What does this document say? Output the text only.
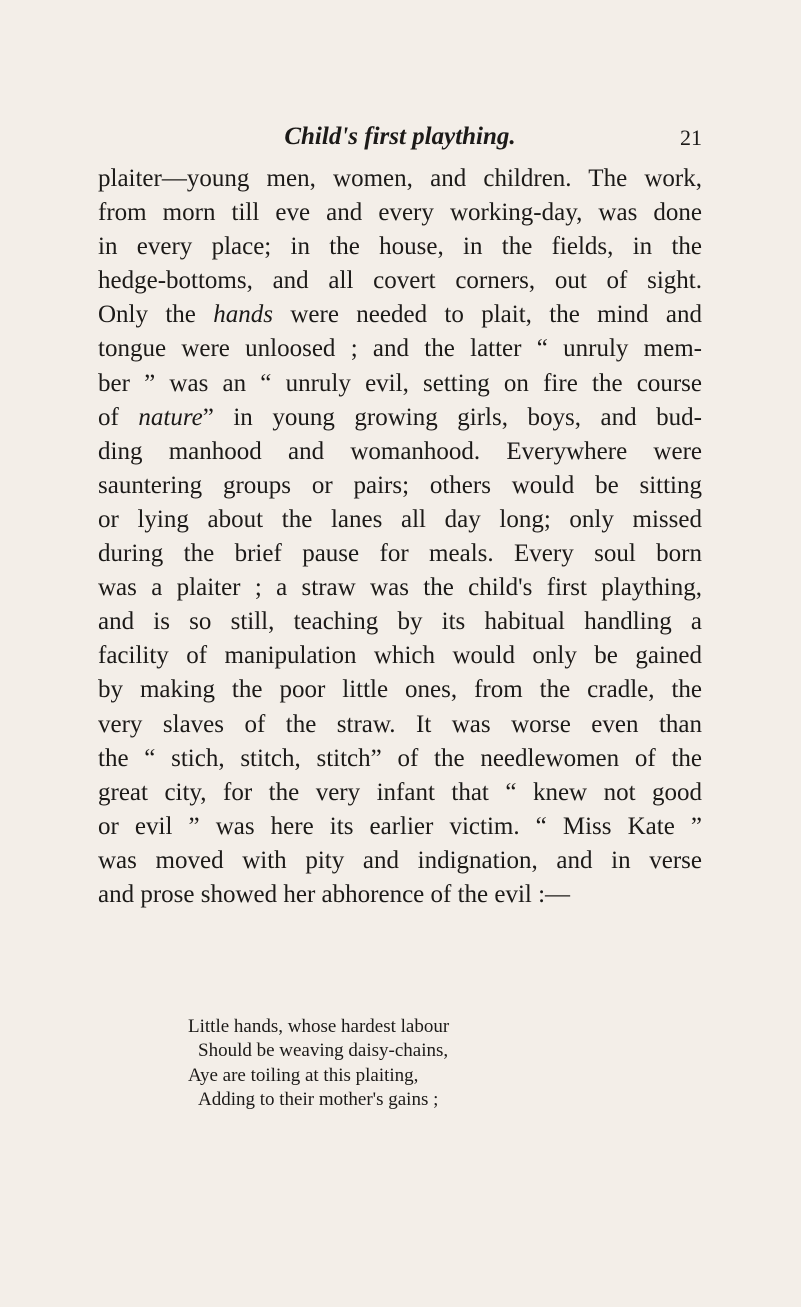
Child's first plaything.	21
plaiter—young men, women, and children. The work,
from morn till eve and every working-day, was done
in every place; in the house, in the fields, in the
hedge-bottoms, and all covert corners, out of sight.
Only the hands were needed to plait, the mind and
tongue were unloosed ; and the latter “ unruly mem-
ber ” was an “ unruly evil, setting on fire the course
of nature” in young growing girls, boys, and bud-
ding manhood and womanhood. Everywhere were
sauntering groups or pairs; others would be sitting
or lying about the lanes all day long; only missed
during the brief pause for meals. Every soul born
was a plaiter ; a straw was the child's first plaything,
and is so still, teaching by its habitual handling a
facility of manipulation which would only be gained
by making the poor little ones, from the cradle, the
very slaves of the straw. It was worse even than
the “ stich, stitch, stitch” of the needlewomen of the
great city, for the very infant that “ knew not good
or evil ” was here its earlier victim. “ Miss Kate ”
was moved with pity and indignation, and in verse
and prose showed her abhorence of the evil :—
Little hands, whose hardest labour
Should be weaving daisy-chains,
Aye are toiling at this plaiting,
Adding to their mother's gains ;
